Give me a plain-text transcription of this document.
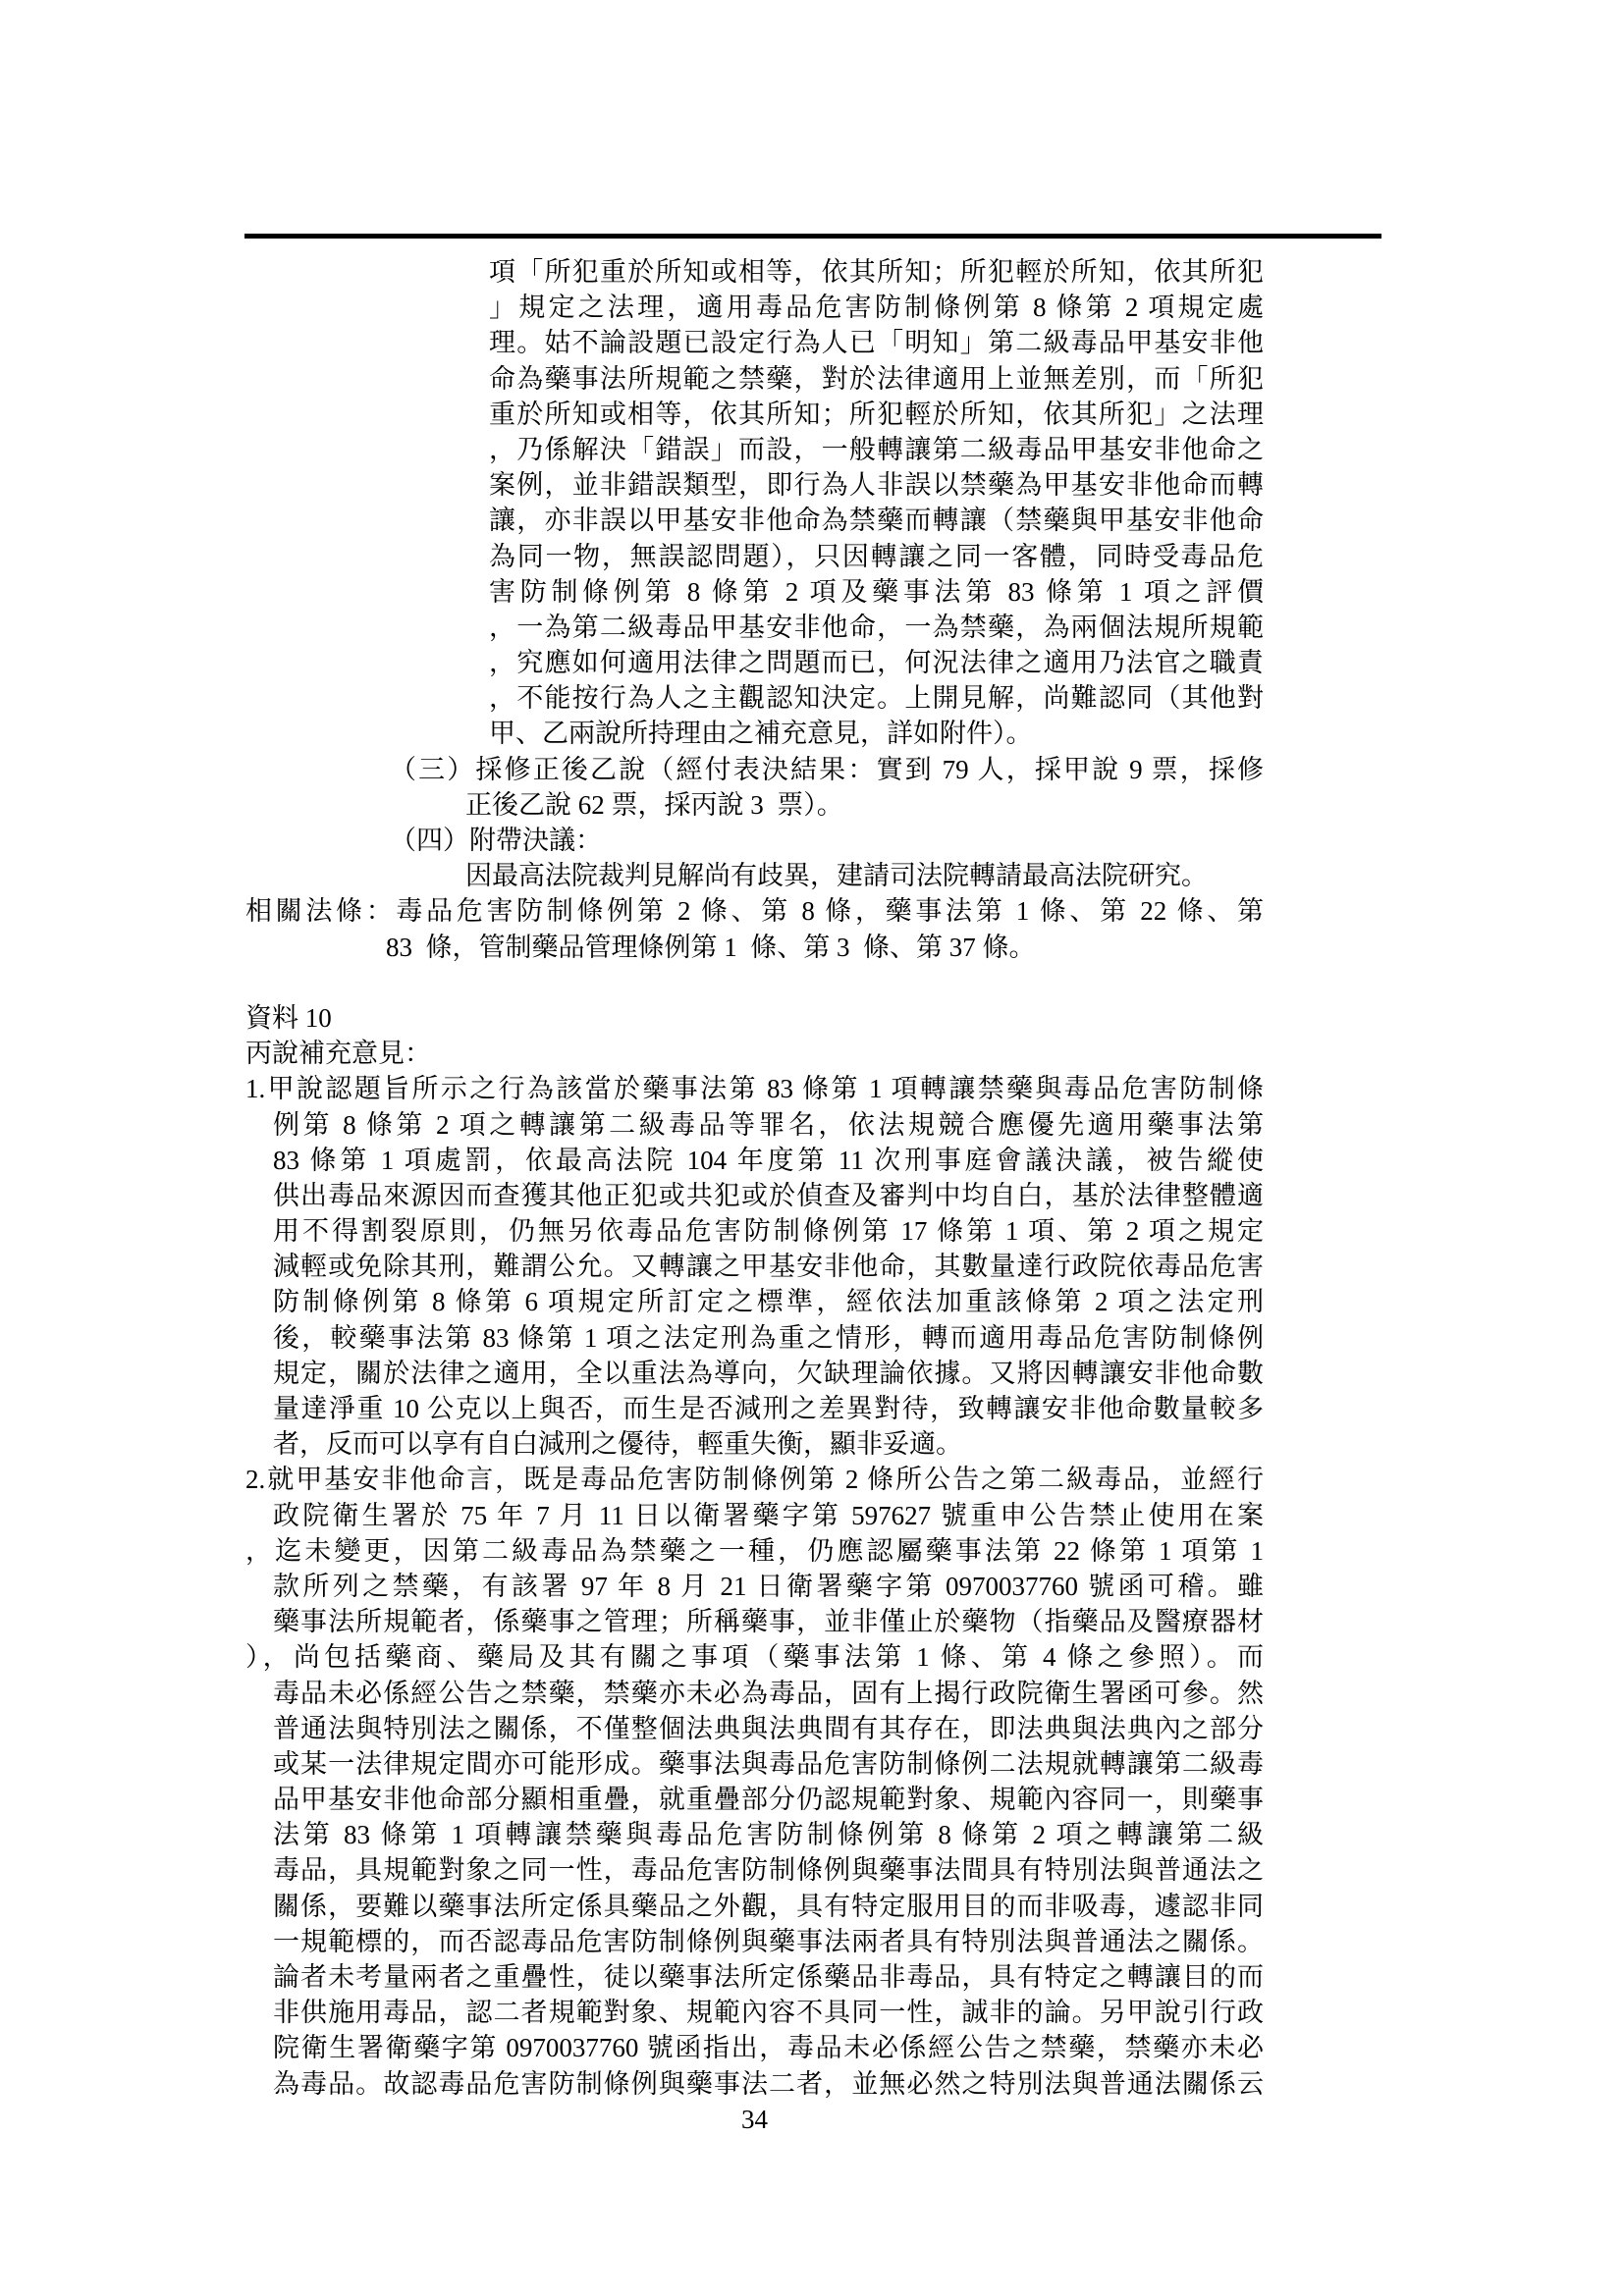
項「所犯重於所知或相等，依其所知；所犯輕於所知，依其所犯
」規定之法理，適用毒品危害防制條例第 8 條第 2 項規定處
理。姑不論設題已設定行為人已「明知」第二級毒品甲基安非他
命為藥事法所規範之禁藥，對於法律適用上並無差別，而「所犯
重於所知或相等，依其所知；所犯輕於所知，依其所犯」之法理
，乃係解決「錯誤」而設，一般轉讓第二級毒品甲基安非他命之
案例，並非錯誤類型，即行為人非誤以禁藥為甲基安非他命而轉
讓，亦非誤以甲基安非他命為禁藥而轉讓（禁藥與甲基安非他命
為同一物，無誤認問題），只因轉讓之同一客體，同時受毒品危
害防制條例第 8 條第 2 項及藥事法第 83 條第 1 項之評價
，一為第二級毒品甲基安非他命，一為禁藥，為兩個法規所規範
，究應如何適用法律之問題而已，何況法律之適用乃法官之職責
，不能按行為人之主觀認知決定。上開見解，尚難認同（其他對
甲、乙兩說所持理由之補充意見，詳如附件）。
（三）採修正後乙說（經付表決結果：實到 79 人，採甲說 9 票，採修
正後乙說 62 票，採丙說 3  票）。
（四）附帶決議：
因最高法院裁判見解尚有歧異，建請司法院轉請最高法院研究。
相關法條：毒品危害防制條例第 2 條、第 8 條，藥事法第 1 條、第 22 條、第
83  條，管制藥品管理條例第 1  條、第 3  條、第 37 條。
資料 10
丙說補充意見：
1.甲說認題旨所示之行為該當於藥事法第 83 條第 1 項轉讓禁藥與毒品危害防制條
例第 8 條第 2 項之轉讓第二級毒品等罪名，依法規競合應優先適用藥事法第
83 條第 1 項處罰，依最高法院 104 年度第 11 次刑事庭會議決議，被告縱使
供出毒品來源因而查獲其他正犯或共犯或於偵查及審判中均自白，基於法律整體適
用不得割裂原則，仍無另依毒品危害防制條例第 17 條第 1 項、第 2 項之規定
減輕或免除其刑，難謂公允。又轉讓之甲基安非他命，其數量達行政院依毒品危害
防制條例第 8 條第 6 項規定所訂定之標準，經依法加重該條第 2 項之法定刑
後，較藥事法第 83 條第 1 項之法定刑為重之情形，轉而適用毒品危害防制條例
規定，關於法律之適用，全以重法為導向，欠缺理論依據。又將因轉讓安非他命數
量達淨重 10 公克以上與否，而生是否減刑之差異對待，致轉讓安非他命數量較多
者，反而可以享有自白減刑之優待，輕重失衡，顯非妥適。
2.就甲基安非他命言，既是毒品危害防制條例第 2 條所公告之第二級毒品，並經行
政院衛生署於 75 年 7 月 11 日以衛署藥字第 597627 號重申公告禁止使用在案
，迄未變更，因第二級毒品為禁藥之一種，仍應認屬藥事法第 22 條第 1 項第 1
款所列之禁藥，有該署 97 年 8 月 21 日衛署藥字第 0970037760 號函可稽。雖
藥事法所規範者，係藥事之管理；所稱藥事，並非僅止於藥物（指藥品及醫療器材
），尚包括藥商、藥局及其有關之事項（藥事法第 1 條、第 4 條之參照）。而
毒品未必係經公告之禁藥，禁藥亦未必為毒品，固有上揭行政院衛生署函可參。然
普通法與特別法之關係，不僅整個法典與法典間有其存在，即法典與法典內之部分
或某一法律規定間亦可能形成。藥事法與毒品危害防制條例二法規就轉讓第二級毒
品甲基安非他命部分顯相重疊，就重疊部分仍認規範對象、規範內容同一，則藥事
法第 83 條第 1 項轉讓禁藥與毒品危害防制條例第 8 條第 2 項之轉讓第二級
毒品，具規範對象之同一性，毒品危害防制條例與藥事法間具有特別法與普通法之
關係，要難以藥事法所定係具藥品之外觀，具有特定服用目的而非吸毒，遽認非同
一規範標的，而否認毒品危害防制條例與藥事法兩者具有特別法與普通法之關係。
論者未考量兩者之重疊性，徒以藥事法所定係藥品非毒品，具有特定之轉讓目的而
非供施用毒品，認二者規範對象、規範內容不具同一性，誠非的論。另甲說引行政
院衛生署衛藥字第 0970037760 號函指出，毒品未必係經公告之禁藥，禁藥亦未必
為毒品。故認毒品危害防制條例與藥事法二者，並無必然之特別法與普通法關係云
34
